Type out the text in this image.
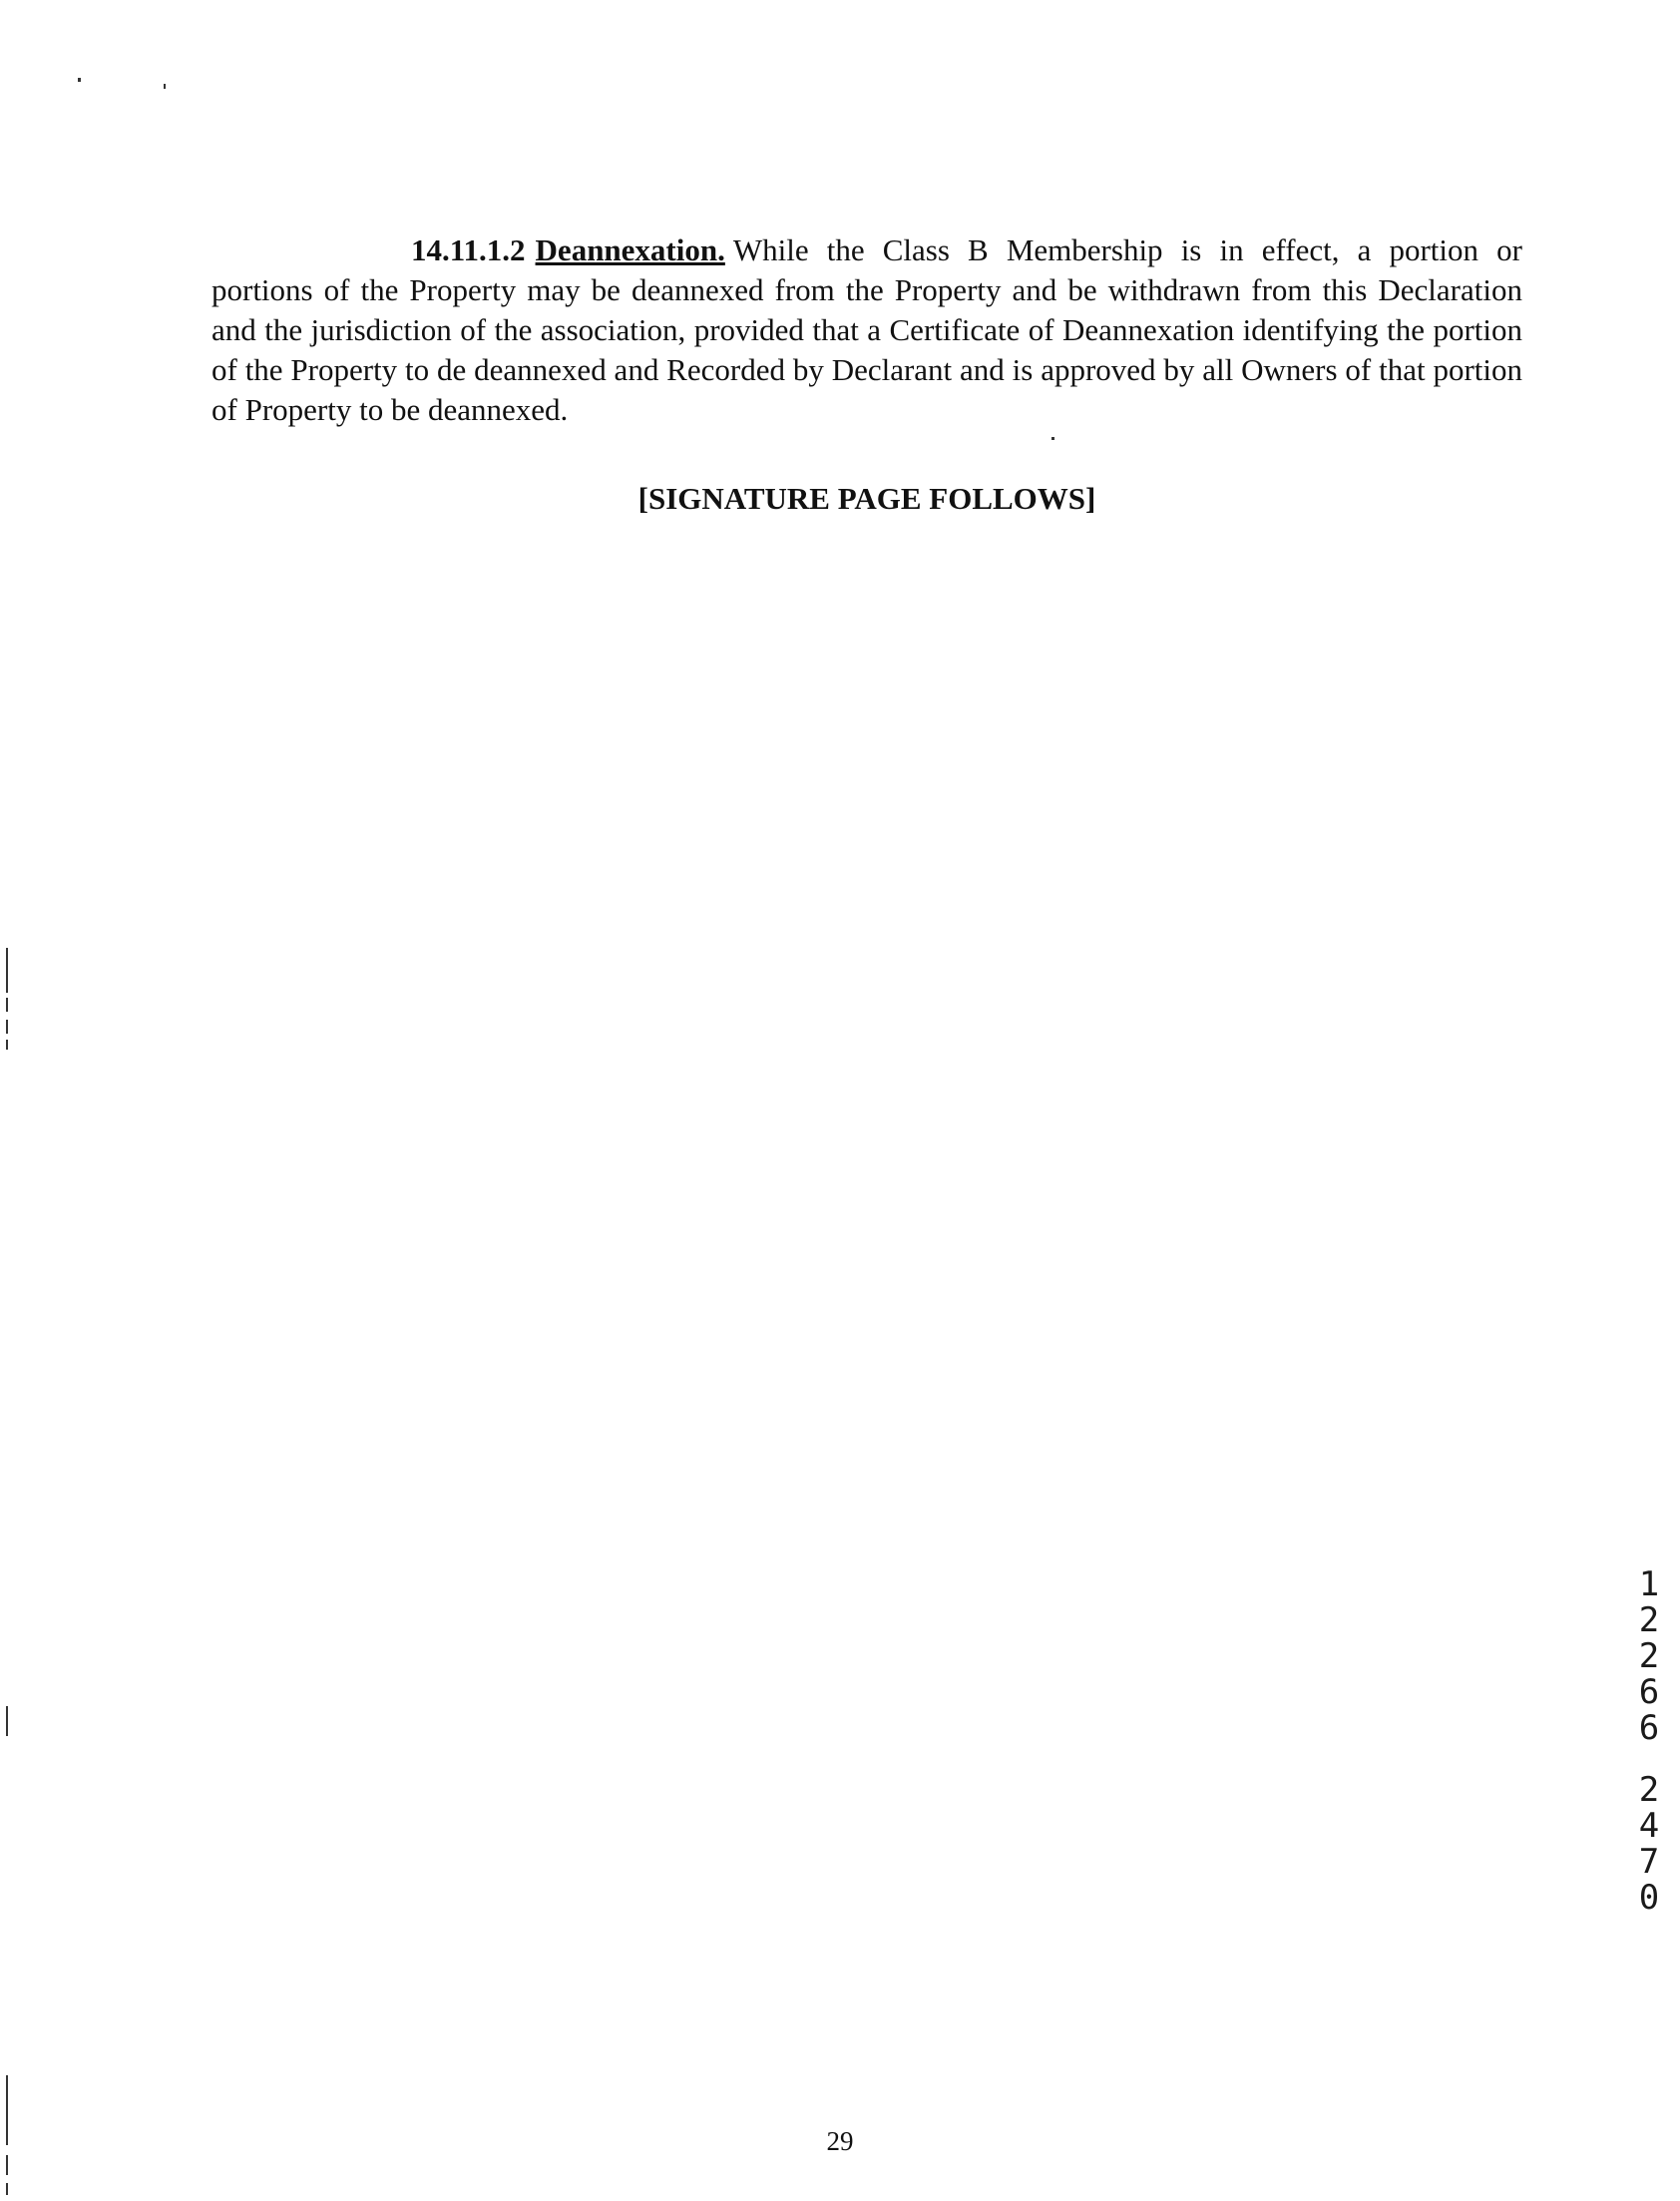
14.11.1.2 Deannexation. While the Class B Membership is in effect, a portion or portions of the Property may be deannexed from the Property and be withdrawn from this Declaration and the jurisdiction of the association, provided that a Certificate of Deannexation identifying the portion of the Property to de deannexed and Recorded by Declarant and is approved by all Owners of that portion of Property to be deannexed.

[SIGNATURE PAGE FOLLOWS]
1
2
2
6
6
2
4
7
0
29
